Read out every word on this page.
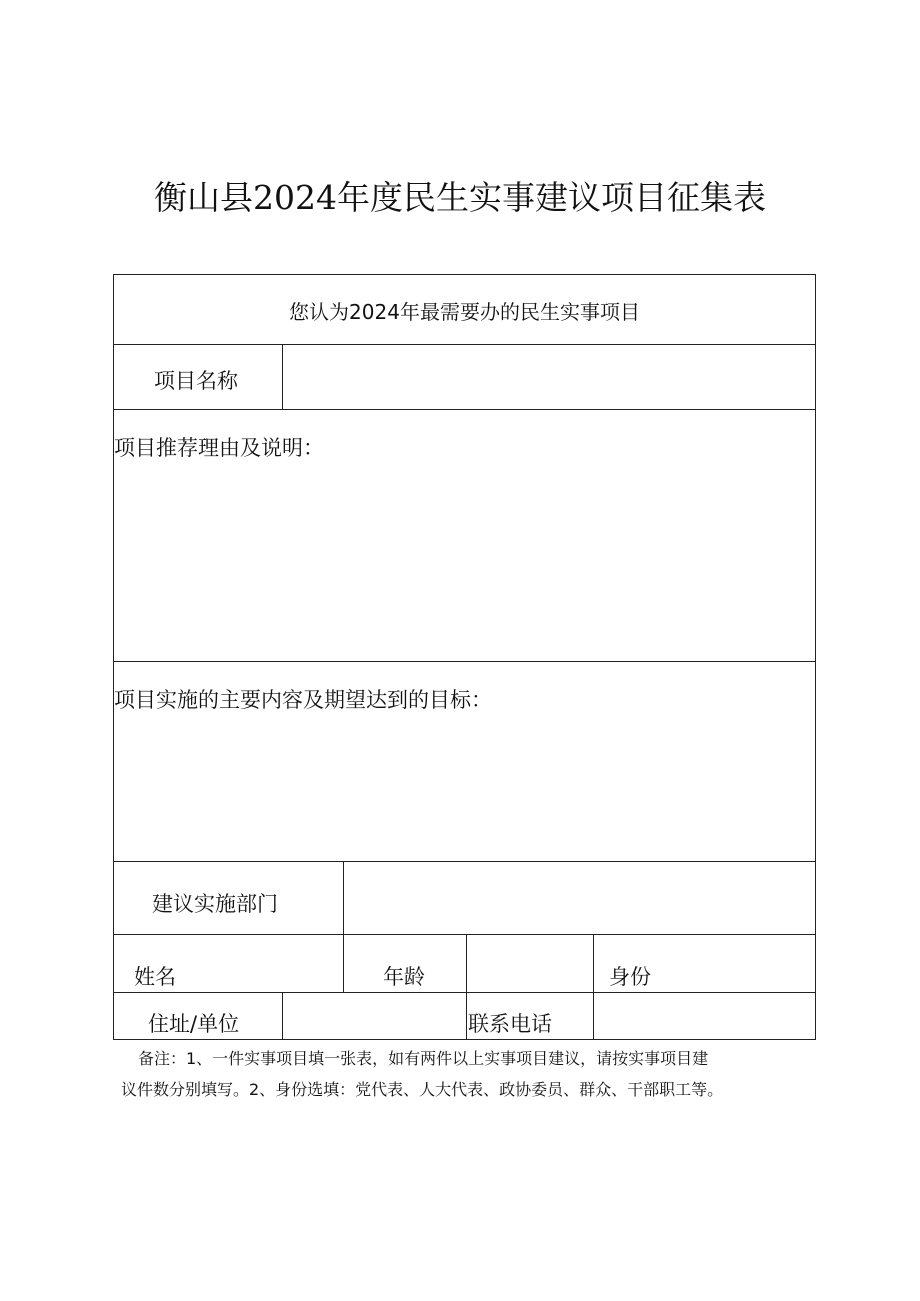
衡山县2024年度民生实事建议项目征集表
您认为2024年最需要办的民生实事项目
项目名称
项目推荐理由及说明：
项目实施的主要内容及期望达到的目标：
建议实施部门
姓名	年龄	身份
住址/单位	联系电话
备注：1、一件实事项目填一张表，如有两件以上实事项目建议，请按实事项目建
议件数分别填写。2、身份选填：党代表、人大代表、政协委员、群众、干部职工等。
